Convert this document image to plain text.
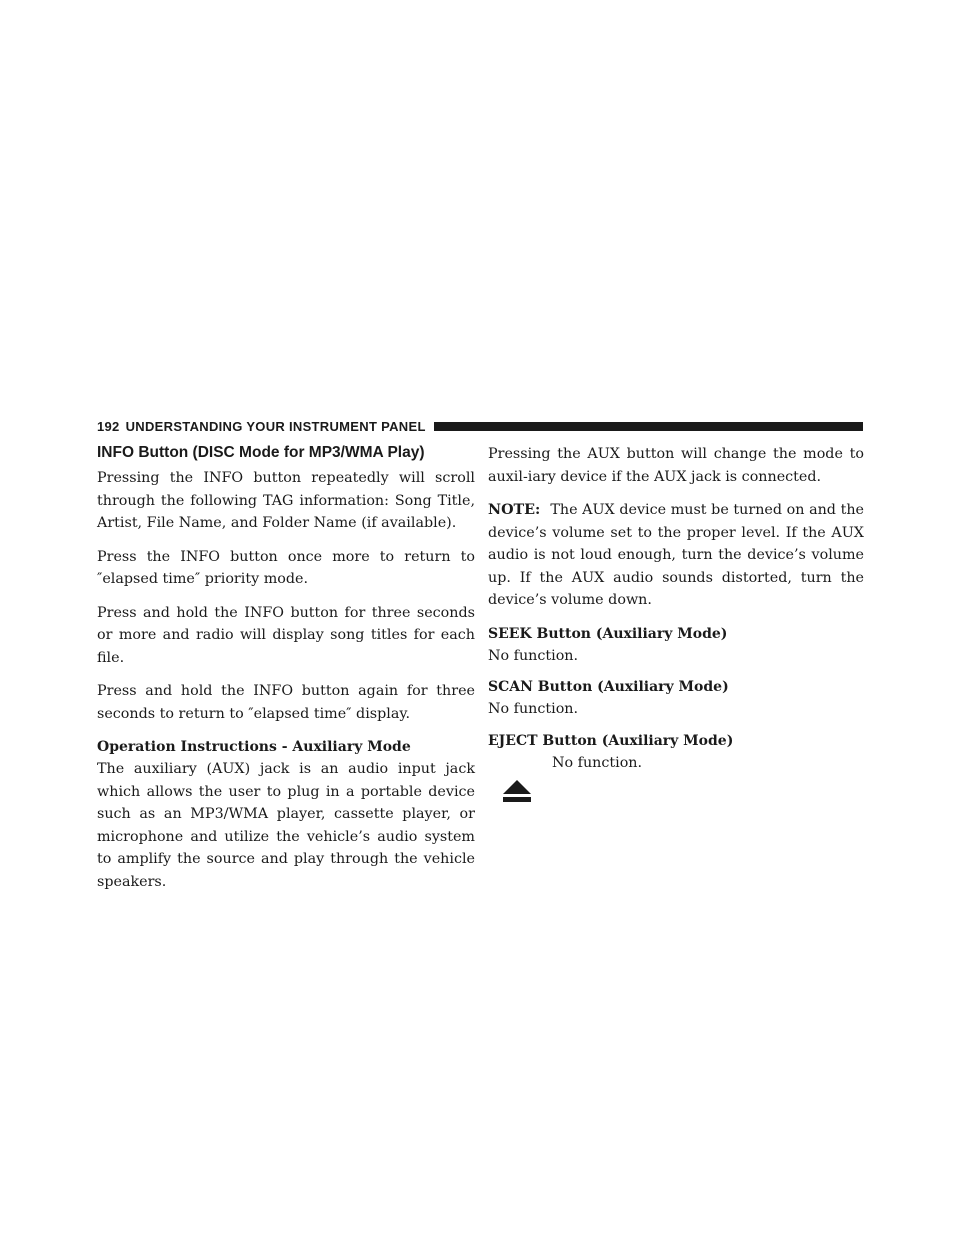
192 UNDERSTANDING YOUR INSTRUMENT PANEL
INFO Button (DISC Mode for MP3/WMA Play)

Pressing the INFO button repeatedly will scroll through the following TAG information: Song Title, Artist, File Name, and Folder Name (if available).

Press the INFO button once more to return to ″elapsed time″ priority mode.

Press and hold the INFO button for three seconds or more and radio will display song titles for each file.

Press and hold the INFO button again for three seconds to return to ″elapsed time″ display.

Operation Instructions - Auxiliary Mode

The auxiliary (AUX) jack is an audio input jack which allows the user to plug in a portable device such as an MP3/WMA player, cassette player, or microphone and utilize the vehicle’s audio system to amplify the source and play through the vehicle speakers.

Pressing the AUX button will change the mode to auxil-iary device if the AUX jack is connected.

NOTE: The AUX device must be turned on and the device’s volume set to the proper level. If the AUX audio is not loud enough, turn the device’s volume up. If the AUX audio sounds distorted, turn the device’s volume down.

SEEK Button (Auxiliary Mode)

No function.

SCAN Button (Auxiliary Mode)

No function.

EJECT Button (Auxiliary Mode)
No function.
